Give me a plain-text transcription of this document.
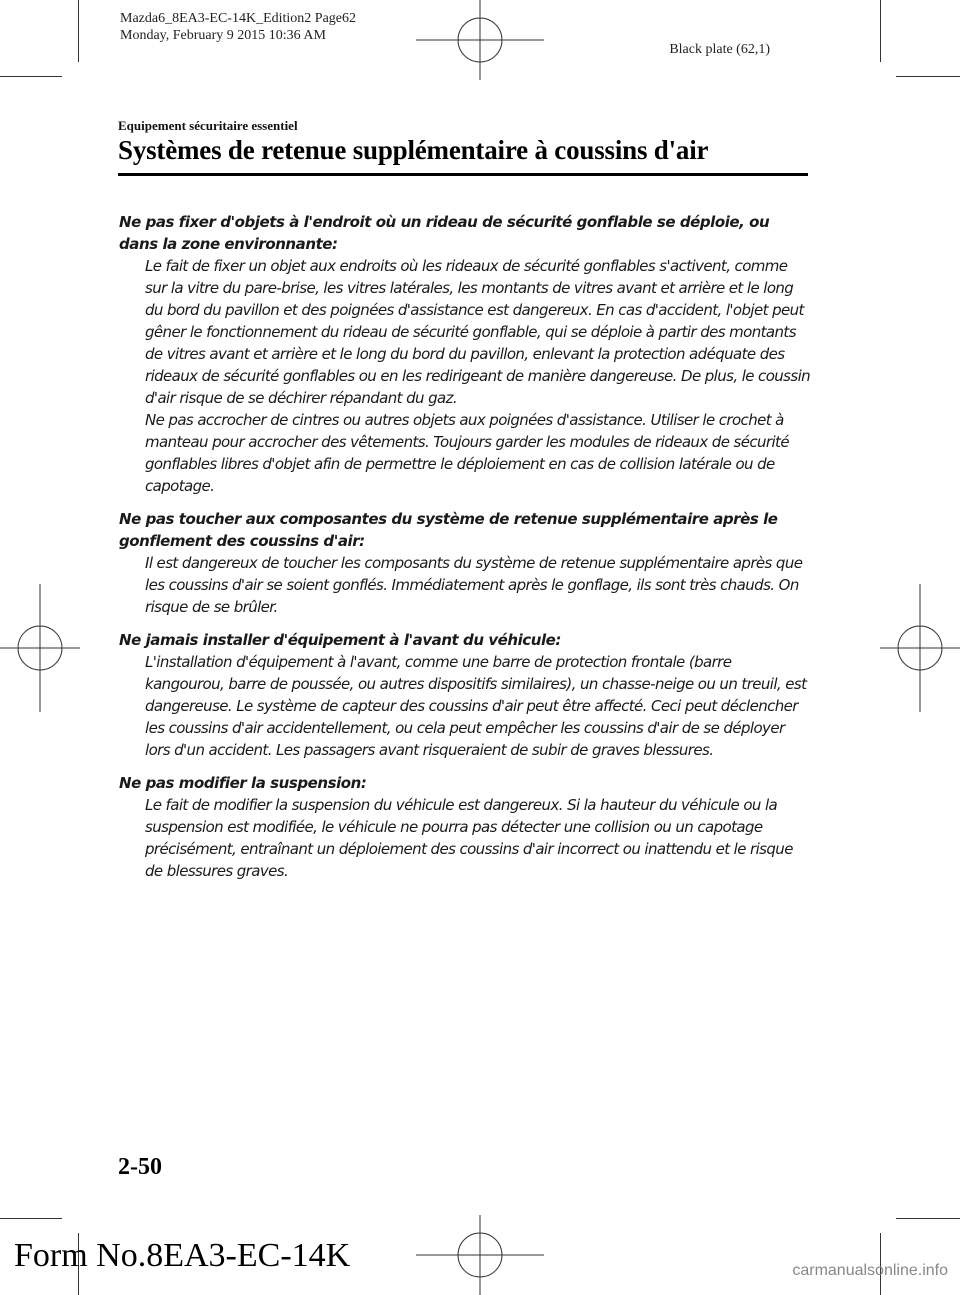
Mazda6_8EA3-EC-14K_Edition2 Page62
Monday, February 9 2015 10:36 AM
Black plate (62,1)
Equipement sécuritaire essentiel
Systèmes de retenue supplémentaire à coussins d'air
Ne pas fixer d'objets à l'endroit où un rideau de sécurité gonflable se déploie, ou dans la zone environnante:

Le fait de fixer un objet aux endroits où les rideaux de sécurité gonflables s'activent, comme sur la vitre du pare-brise, les vitres latérales, les montants de vitres avant et arrière et le long du bord du pavillon et des poignées d'assistance est dangereux. En cas d'accident, l'objet peut gêner le fonctionnement du rideau de sécurité gonflable, qui se déploie à partir des montants de vitres avant et arrière et le long du bord du pavillon, enlevant la protection adéquate des rideaux de sécurité gonflables ou en les redirigeant de manière dangereuse. De plus, le coussin d'air risque de se déchirer répandant du gaz.

Ne pas accrocher de cintres ou autres objets aux poignées d'assistance. Utiliser le crochet à manteau pour accrocher des vêtements. Toujours garder les modules de rideaux de sécurité gonflables libres d'objet afin de permettre le déploiement en cas de collision latérale ou de capotage.

Ne pas toucher aux composantes du système de retenue supplémentaire après le gonflement des coussins d'air:

Il est dangereux de toucher les composants du système de retenue supplémentaire après que les coussins d'air se soient gonflés. Immédiatement après le gonflage, ils sont très chauds. On risque de se brûler.

Ne jamais installer d'équipement à l'avant du véhicule:

L'installation d'équipement à l'avant, comme une barre de protection frontale (barre kangourou, barre de poussée, ou autres dispositifs similaires), un chasse-neige ou un treuil, est dangereuse. Le système de capteur des coussins d'air peut être affecté. Ceci peut déclencher les coussins d'air accidentellement, ou cela peut empêcher les coussins d'air de se déployer lors d'un accident. Les passagers avant risqueraient de subir de graves blessures.

Ne pas modifier la suspension:

Le fait de modifier la suspension du véhicule est dangereux. Si la hauteur du véhicule ou la suspension est modifiée, le véhicule ne pourra pas détecter une collision ou un capotage précisément, entraînant un déploiement des coussins d'air incorrect ou inattendu et le risque de blessures graves.

2-50
Form No.8EA3-EC-14K	carmanualsonline.info
